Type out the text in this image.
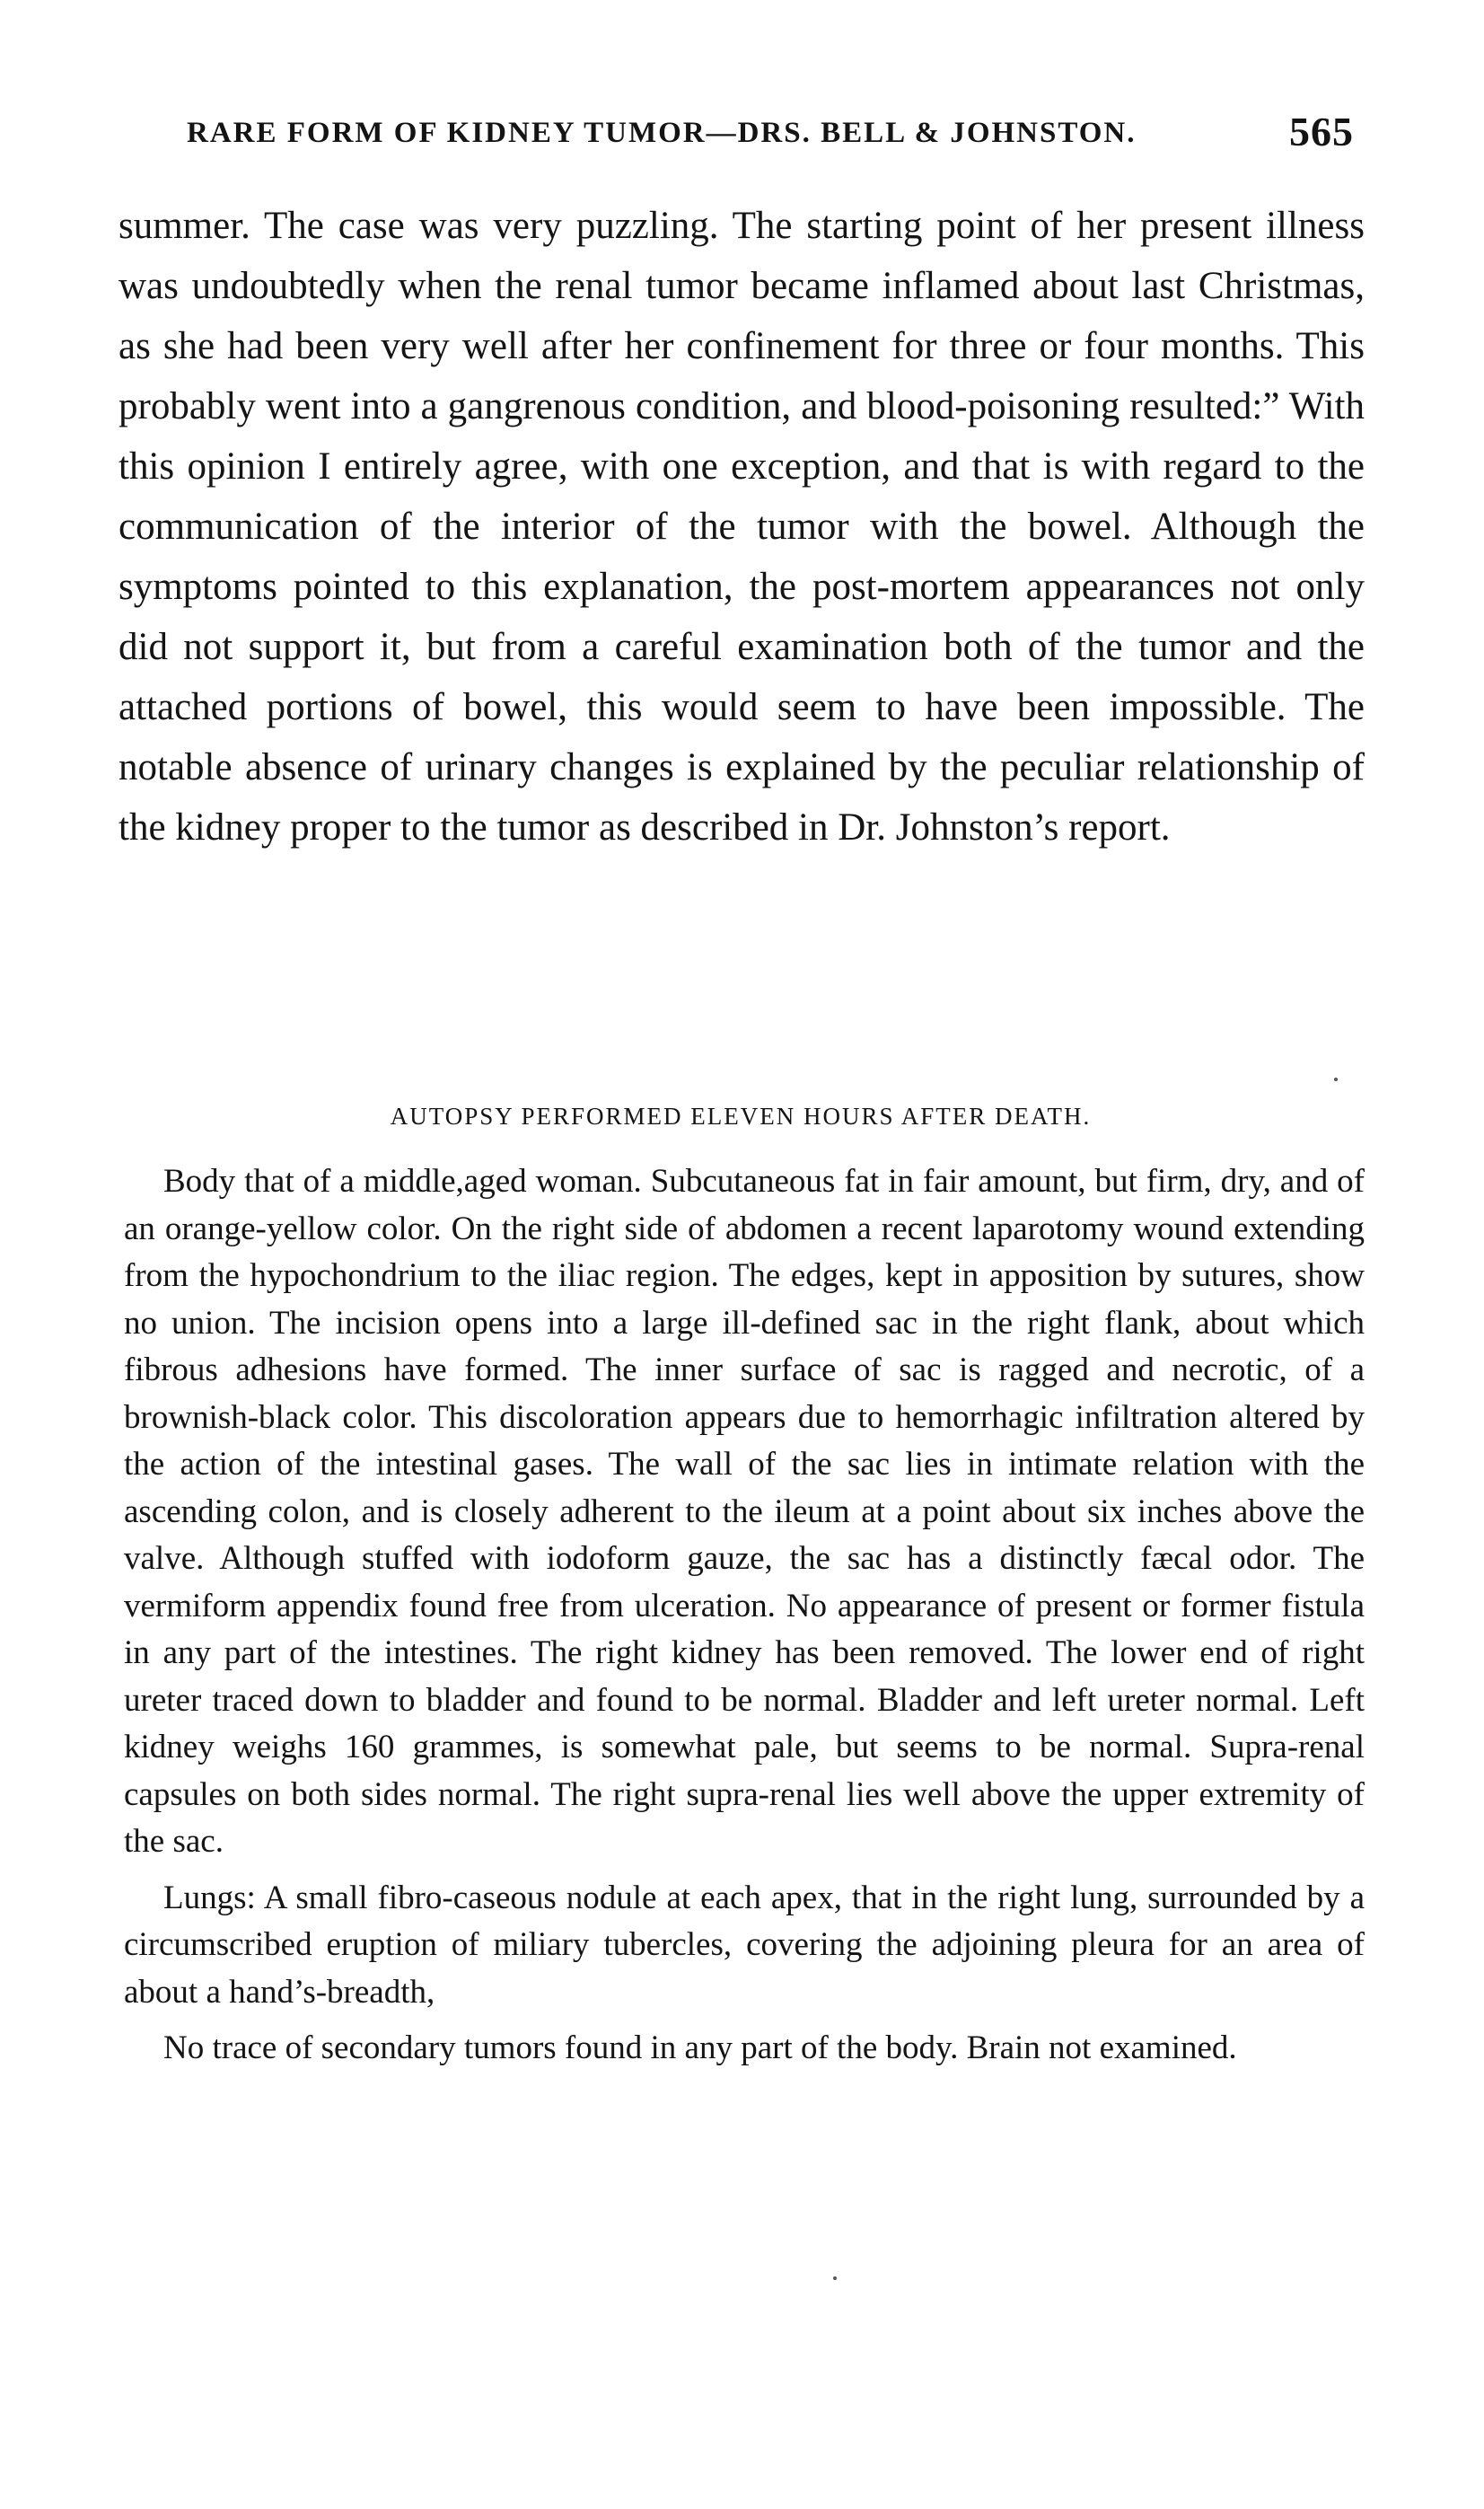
RARE FORM OF KIDNEY TUMOR—DRS. BELL & JOHNSTON.	565

summer. The case was very puzzling. The starting point of her present illness was undoubtedly when the renal tumor became inflamed about last Christmas, as she had been very well after her confinement for three or four months. This probably went into a gangrenous condition, and blood-poisoning resulted:” With this opinion I entirely agree, with one exception, and that is with regard to the communication of the interior of the tumor with the bowel. Although the symptoms pointed to this explanation, the post-mortem appearances not only did not support it, but from a careful examination both of the tumor and the attached portions of bowel, this would seem to have been impossible. The notable absence of urinary changes is explained by the peculiar relationship of the kidney proper to the tumor as described in Dr. Johnston’s report.

AUTOPSY PERFORMED ELEVEN HOURS AFTER DEATH.

Body that of a middle,aged woman. Subcutaneous fat in fair amount, but firm, dry, and of an orange-yellow color. On the right side of abdomen a recent laparotomy wound extending from the hypochondrium to the iliac region. The edges, kept in apposition by sutures, show no union. The incision opens into a large ill-defined sac in the right flank, about which fibrous adhesions have formed. The inner surface of sac is ragged and necrotic, of a brownish-black color. This discoloration appears due to hemorrhagic infiltration altered by the action of the intestinal gases. The wall of the sac lies in intimate relation with the ascending colon, and is closely adherent to the ileum at a point about six inches above the valve. Although stuffed with iodoform gauze, the sac has a distinctly fæcal odor. The vermiform appendix found free from ulceration. No appearance of present or former fistula in any part of the intestines. The right kidney has been removed. The lower end of right ureter traced down to bladder and found to be normal. Bladder and left ureter normal. Left kidney weighs 160 grammes, is somewhat pale, but seems to be normal. Supra-renal capsules on both sides normal. The right supra-renal lies well above the upper extremity of the sac.

Lungs: A small fibro-caseous nodule at each apex, that in the right lung, surrounded by a circumscribed eruption of miliary tubercles, covering the adjoining pleura for an area of about a hand’s-breadth,

No trace of secondary tumors found in any part of the body. Brain not examined.
